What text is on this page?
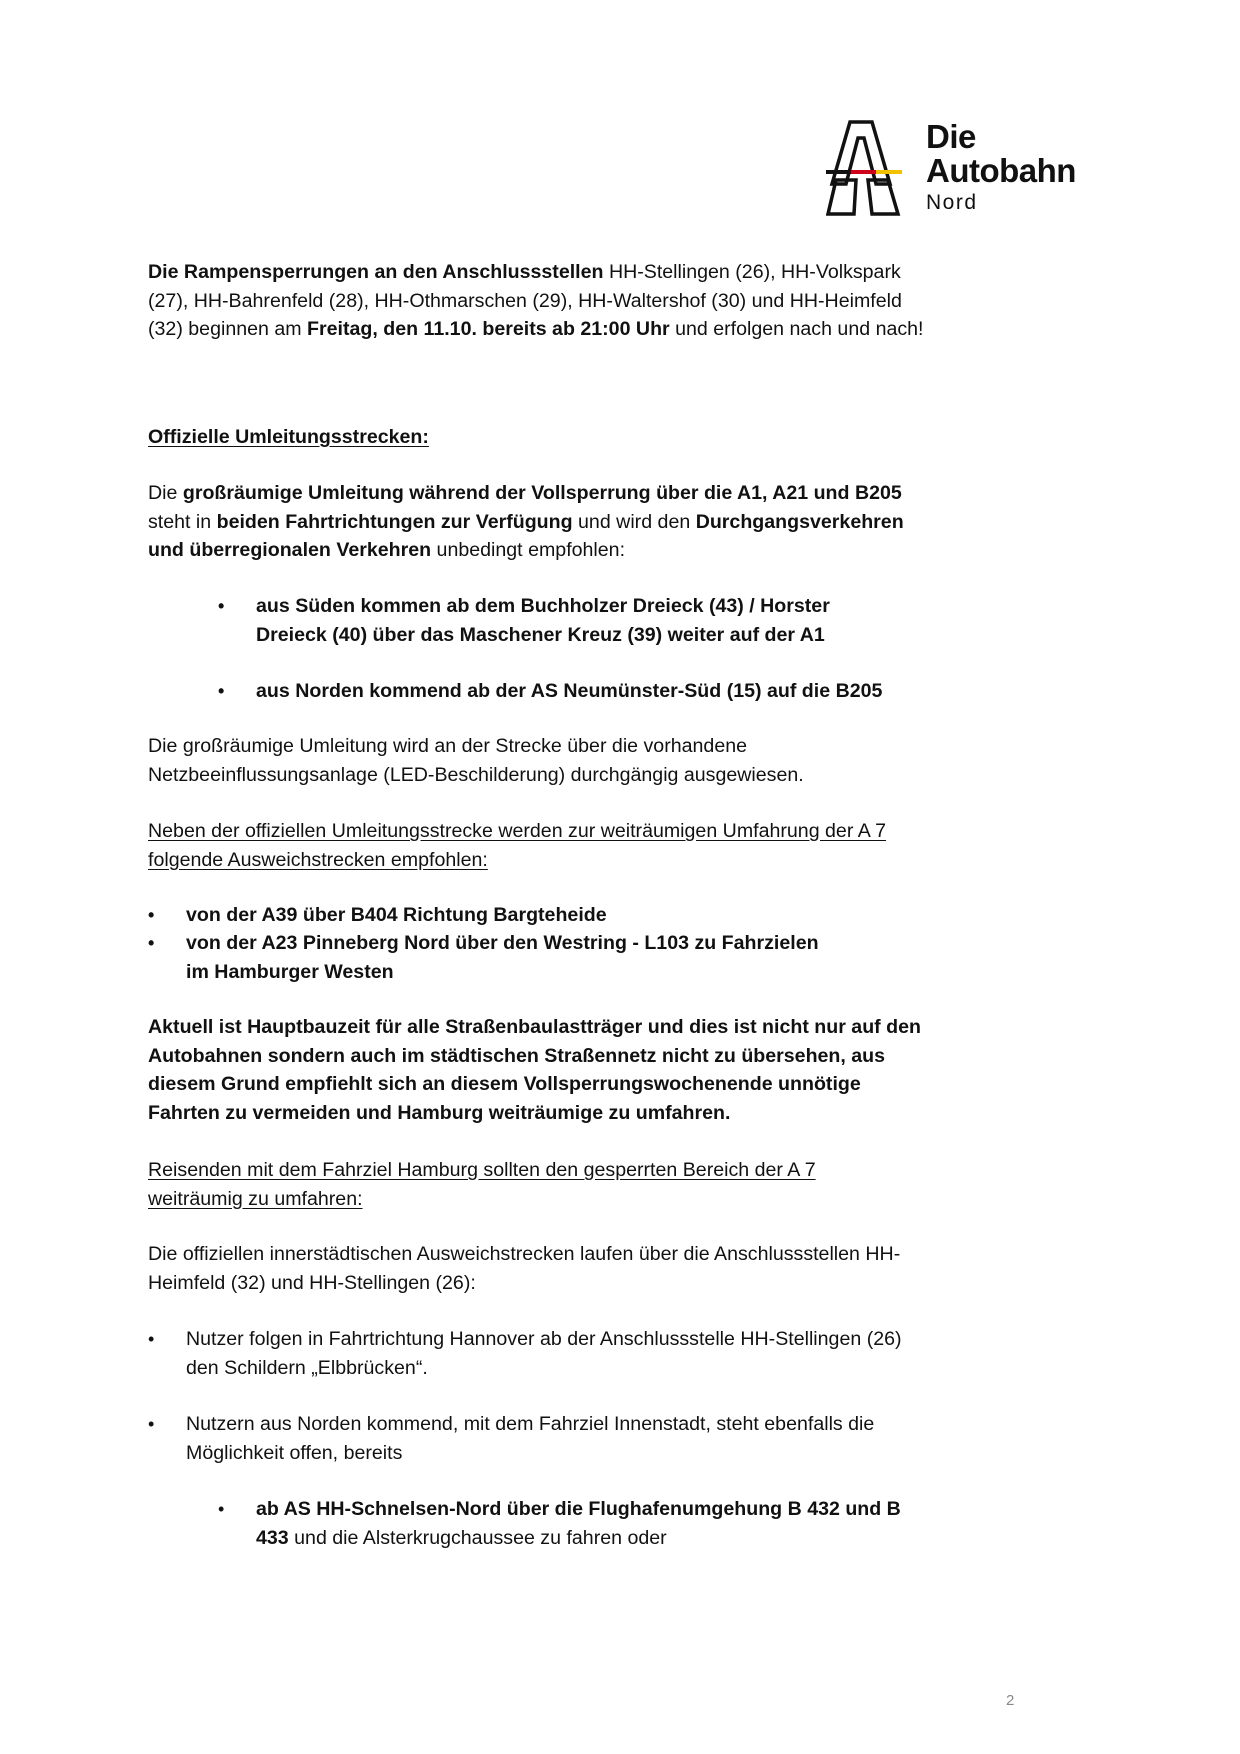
Die
Autobahn
Nord

Die Rampensperrungen an den Anschlussstellen HH-Stellingen (26), HH-Volkspark (27), HH-Bahrenfeld (28), HH-Othmarschen (29), HH-Waltershof (30) und HH-Heimfeld (32) beginnen am Freitag, den 11.10. bereits ab 21:00 Uhr und erfolgen nach und nach!

Offizielle Umleitungsstrecken:

Die großräumige Umleitung während der Vollsperrung über die A1, A21 und B205 steht in beiden Fahrtrichtungen zur Verfügung und wird den Durchgangsverkehren und überregionalen Verkehren unbedingt empfohlen:

• aus Süden kommen ab dem Buchholzer Dreieck (43) / Horster Dreieck (40) über das Maschener Kreuz (39) weiter auf der A1
• aus Norden kommend ab der AS Neumünster-Süd (15) auf die B205

Die großräumige Umleitung wird an der Strecke über die vorhandene Netzbeeinflussungsanlage (LED-Beschilderung) durchgängig ausgewiesen.

Neben der offiziellen Umleitungsstrecke werden zur weiträumigen Umfahrung der A 7 folgende Ausweichstrecken empfohlen:

• von der A39 über B404 Richtung Bargteheide
• von der A23 Pinneberg Nord über den Westring - L103 zu Fahrzielen im Hamburger Westen

Aktuell ist Hauptbauzeit für alle Straßenbaulastträger und dies ist nicht nur auf den Autobahnen sondern auch im städtischen Straßennetz nicht zu übersehen, aus diesem Grund empfiehlt sich an diesem Vollsperrungswochenende unnötige Fahrten zu vermeiden und Hamburg weiträumige zu umfahren.

Reisenden mit dem Fahrziel Hamburg sollten den gesperrten Bereich der A 7 weiträumig zu umfahren:

Die offiziellen innerstädtischen Ausweichstrecken laufen über die Anschlussstellen HH- Heimfeld (32) und HH-Stellingen (26):

• Nutzer folgen in Fahrtrichtung Hannover ab der Anschlussstelle HH-Stellingen (26) den Schildern „Elbbrücken“.
• Nutzern aus Norden kommend, mit dem Fahrziel Innenstadt, steht ebenfalls die Möglichkeit offen, bereits
• ab AS HH-Schnelsen-Nord über die Flughafenumgehung B 432 und B 433 und die Alsterkrugchaussee zu fahren oder
2
